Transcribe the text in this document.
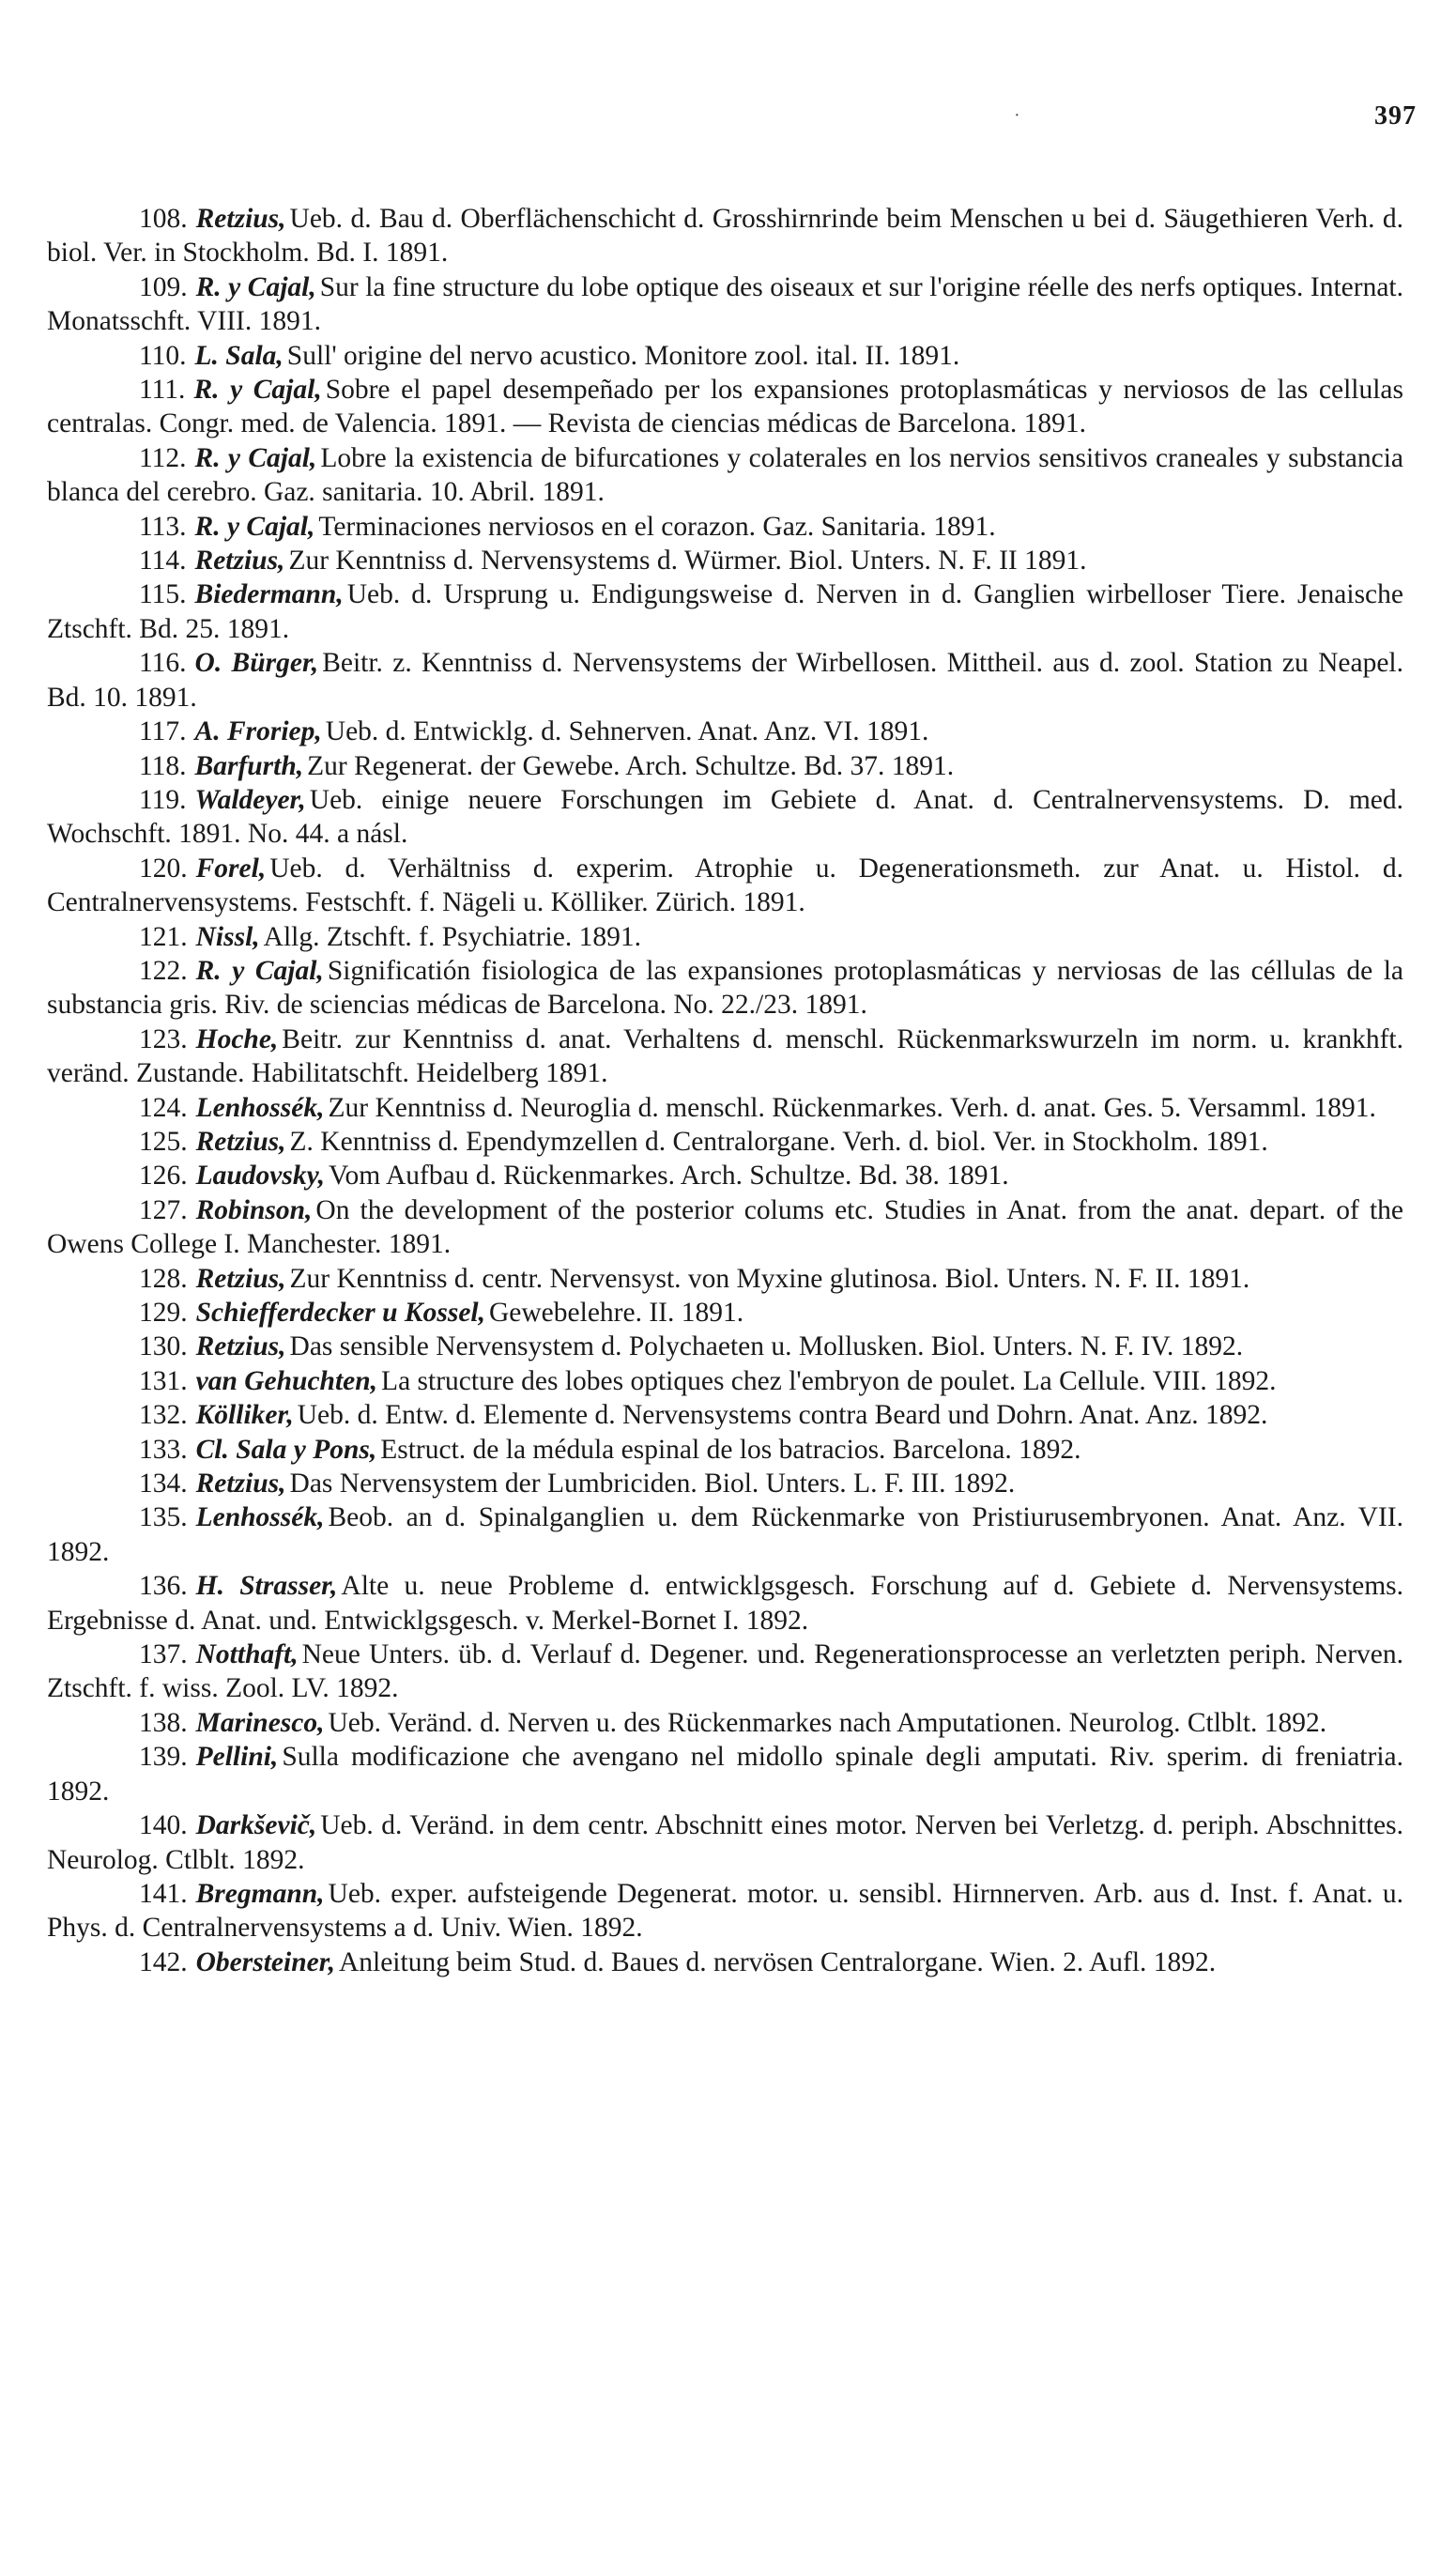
·	397

108. Retzius, Ueb. d. Bau d. Oberflächenschicht d. Grosshirnrinde beim Menschen u bei d. Säugethieren Verh. d. biol. Ver. in Stockholm. Bd. I. 1891.

109. R. y Cajal, Sur la fine structure du lobe optique des oiseaux et sur l'origine réelle des nerfs optiques. Internat. Monatsschft. VIII. 1891.

110. L. Sala, Sull' origine del nervo acustico. Monitore zool. ital. II. 1891.

111. R. y Cajal, Sobre el papel desempeñado per los expansiones protoplasmáticas y nerviosos de las cellulas centralas. Congr. med. de Valencia. 1891. — Revista de ciencias médicas de Barcelona. 1891.

112. R. y Cajal, Lobre la existencia de bifurcationes y colaterales en los nervios sensitivos craneales y substancia blanca del cerebro. Gaz. sanitaria. 10. Abril. 1891.

113. R. y Cajal, Terminaciones nerviosos en el corazon. Gaz. Sanitaria. 1891.

114. Retzius, Zur Kenntniss d. Nervensystems d. Würmer. Biol. Unters. N. F. II 1891.

115. Biedermann, Ueb. d. Ursprung u. Endigungsweise d. Nerven in d. Ganglien wirbelloser Tiere. Jenaische Ztschft. Bd. 25. 1891.

116. O. Bürger, Beitr. z. Kenntniss d. Nervensystems der Wirbellosen. Mittheil. aus d. zool. Station zu Neapel. Bd. 10. 1891.

117. A. Froriep, Ueb. d. Entwicklg. d. Sehnerven. Anat. Anz. VI. 1891.

118. Barfurth, Zur Regenerat. der Gewebe. Arch. Schultze. Bd. 37. 1891.

119. Waldeyer, Ueb. einige neuere Forschungen im Gebiete d. Anat. d. Centralnervensystems. D. med. Wochschft. 1891. No. 44. a násl.

120. Forel, Ueb. d. Verhältniss d. experim. Atrophie u. Degenerationsmeth. zur Anat. u. Histol. d. Centralnervensystems. Festschft. f. Nägeli u. Kölliker. Zürich. 1891.

121. Nissl, Allg. Ztschft. f. Psychiatrie. 1891.

122. R. y Cajal, Significatión fisiologica de las expansiones protoplasmáticas y nerviosas de las céllulas de la substancia gris. Riv. de sciencias médicas de Barcelona. No. 22./23. 1891.

123. Hoche, Beitr. zur Kenntniss d. anat. Verhaltens d. menschl. Rückenmarkswurzeln im norm. u. krankhft. veränd. Zustande. Habilitatschft. Heidelberg 1891.

124. Lenhossék, Zur Kenntniss d. Neuroglia d. menschl. Rückenmarkes. Verh. d. anat. Ges. 5. Versamml. 1891.

125. Retzius, Z. Kenntniss d. Ependymzellen d. Centralorgane. Verh. d. biol. Ver. in Stockholm. 1891.

126. Laudovsky, Vom Aufbau d. Rückenmarkes. Arch. Schultze. Bd. 38. 1891.

127. Robinson, On the development of the posterior colums etc. Studies in Anat. from the anat. depart. of the Owens College I. Manchester. 1891.

128. Retzius, Zur Kenntniss d. centr. Nervensyst. von Myxine glutinosa. Biol. Unters. N. F. II. 1891.

129. Schiefferdecker u Kossel, Gewebelehre. II. 1891.

130. Retzius, Das sensible Nervensystem d. Polychaeten u. Mollusken. Biol. Unters. N. F. IV. 1892.

131. van Gehuchten, La structure des lobes optiques chez l'embryon de poulet. La Cellule. VIII. 1892.

132. Kölliker, Ueb. d. Entw. d. Elemente d. Nervensystems contra Beard und Dohrn. Anat. Anz. 1892.

133. Cl. Sala y Pons, Estruct. de la médula espinal de los batracios. Barcelona. 1892.

134. Retzius, Das Nervensystem der Lumbriciden. Biol. Unters. L. F. III. 1892.

135. Lenhossék, Beob. an d. Spinalganglien u. dem Rückenmarke von Pristiurusembryonen. Anat. Anz. VII. 1892.

136. H. Strasser, Alte u. neue Probleme d. entwicklgsgesch. Forschung auf d. Gebiete d. Nervensystems. Ergebnisse d. Anat. und. Entwicklgsgesch. v. Merkel-Bornet I. 1892.

137. Notthaft, Neue Unters. üb. d. Verlauf d. Degener. und. Regenerationsprocesse an verletzten periph. Nerven. Ztschft. f. wiss. Zool. LV. 1892.

138. Marinesco, Ueb. Veränd. d. Nerven u. des Rückenmarkes nach Amputationen. Neurolog. Ctlblt. 1892.

139. Pellini, Sulla modificazione che avengano nel midollo spinale degli amputati. Riv. sperim. di freniatria. 1892.

140. Darkševič, Ueb. d. Veränd. in dem centr. Abschnitt eines motor. Nerven bei Verletzg. d. periph. Abschnittes. Neurolog. Ctlblt. 1892.

141. Bregmann, Ueb. exper. aufsteigende Degenerat. motor. u. sensibl. Hirnnerven. Arb. aus d. Inst. f. Anat. u. Phys. d. Centralnervensystems a d. Univ. Wien. 1892.

142. Obersteiner, Anleitung beim Stud. d. Baues d. nervösen Centralorgane. Wien. 2. Aufl. 1892.
